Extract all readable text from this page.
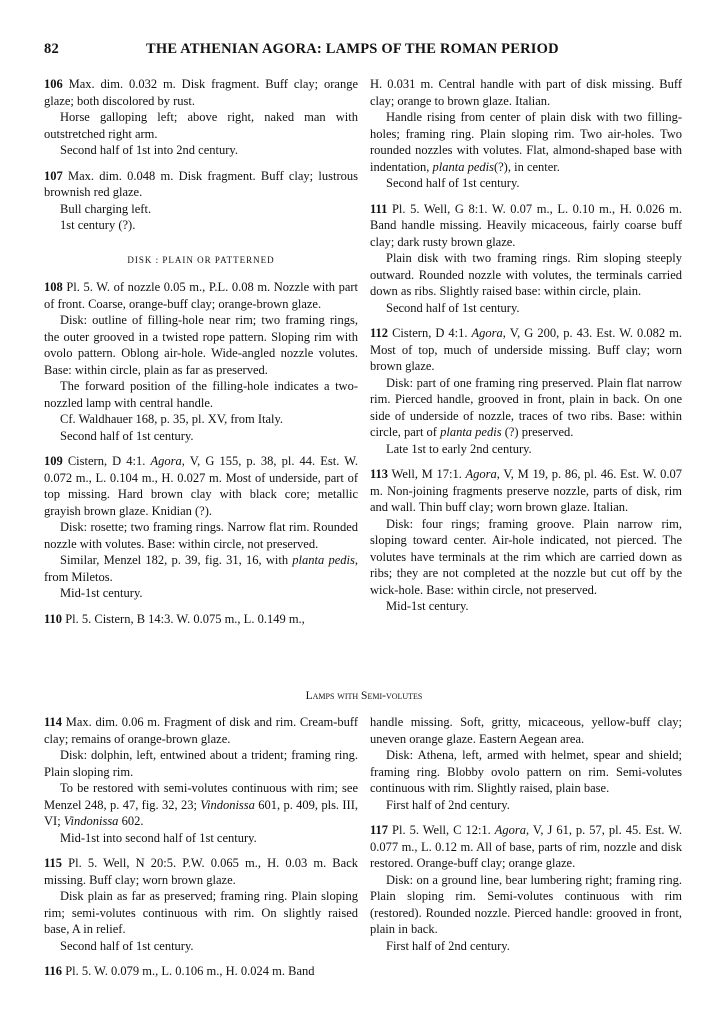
82	THE ATHENIAN AGORA: LAMPS OF THE ROMAN PERIOD

106 Max. dim. 0.032 m. Disk fragment. Buff clay; orange glaze; both discolored by rust.

Horse galloping left; above right, naked man with outstretched right arm.

Second half of 1st into 2nd century.

107 Max. dim. 0.048 m. Disk fragment. Buff clay; lustrous brownish red glaze.

Bull charging left.

1st century (?).

DISK : PLAIN OR PATTERNED

108 Pl. 5. W. of nozzle 0.05 m., P.L. 0.08 m. Nozzle with part of front. Coarse, orange-buff clay; orange-brown glaze.

Disk: outline of filling-hole near rim; two framing rings, the outer grooved in a twisted rope pattern. Sloping rim with ovolo pattern. Oblong air-hole. Wide-angled nozzle volutes. Base: within circle, plain as far as preserved.

The forward position of the filling-hole indicates a two-nozzled lamp with central handle.

Cf. Waldhauer 168, p. 35, pl. XV, from Italy.

Second half of 1st century.

109 Cistern, D 4:1. Agora, V, G 155, p. 38, pl. 44. Est. W. 0.072 m., L. 0.104 m., H. 0.027 m. Most of underside, part of top missing. Hard brown clay with black core; metallic grayish brown glaze. Knidian (?).

Disk: rosette; two framing rings. Narrow flat rim. Rounded nozzle with volutes. Base: within circle, not preserved.

Similar, Menzel 182, p. 39, fig. 31, 16, with planta pedis, from Miletos.

Mid-1st century.

110 Pl. 5. Cistern, B 14:3. W. 0.075 m., L. 0.149 m.,

H. 0.031 m. Central handle with part of disk missing. Buff clay; orange to brown glaze. Italian.

Handle rising from center of plain disk with two filling-holes; framing ring. Plain sloping rim. Two air-holes. Two rounded nozzles with volutes. Flat, almond-shaped base with indentation, planta pedis(?), in center.

Second half of 1st century.

111 Pl. 5. Well, G 8:1. W. 0.07 m., L. 0.10 m., H. 0.026 m. Band handle missing. Heavily micaceous, fairly coarse buff clay; dark rusty brown glaze.

Plain disk with two framing rings. Rim sloping steeply outward. Rounded nozzle with volutes, the terminals carried down as ribs. Slightly raised base: within circle, plain.

Second half of 1st century.

112 Cistern, D 4:1. Agora, V, G 200, p. 43. Est. W. 0.082 m. Most of top, much of underside missing. Buff clay; worn brown glaze.

Disk: part of one framing ring preserved. Plain flat narrow rim. Pierced handle, grooved in front, plain in back. On one side of underside of nozzle, traces of two ribs. Base: within circle, part of planta pedis (?) preserved.

Late 1st to early 2nd century.

113 Well, M 17:1. Agora, V, M 19, p. 86, pl. 46. Est. W. 0.07 m. Non-joining fragments preserve nozzle, parts of disk, rim and wall. Thin buff clay; worn brown glaze. Italian.

Disk: four rings; framing groove. Plain narrow rim, sloping toward center. Air-hole indicated, not pierced. The volutes have terminals at the rim which are carried down as ribs; they are not completed at the nozzle but cut off by the wick-hole. Base: within circle, not preserved.

Mid-1st century.

Lamps with Semi-volutes

114 Max. dim. 0.06 m. Fragment of disk and rim. Cream-buff clay; remains of orange-brown glaze.

Disk: dolphin, left, entwined about a trident; framing ring. Plain sloping rim.

To be restored with semi-volutes continuous with rim; see Menzel 248, p. 47, fig. 32, 23; Vindonissa 601, p. 409, pls. III, VI; Vindonissa 602.

Mid-1st into second half of 1st century.

115 Pl. 5. Well, N 20:5. P.W. 0.065 m., H. 0.03 m. Back missing. Buff clay; worn brown glaze.

Disk plain as far as preserved; framing ring. Plain sloping rim; semi-volutes continuous with rim. On slightly raised base, A in relief.

Second half of 1st century.

116 Pl. 5. W. 0.079 m., L. 0.106 m., H. 0.024 m. Band

handle missing. Soft, gritty, micaceous, yellow-buff clay; uneven orange glaze. Eastern Aegean area.

Disk: Athena, left, armed with helmet, spear and shield; framing ring. Blobby ovolo pattern on rim. Semi-volutes continuous with rim. Slightly raised, plain base.

First half of 2nd century.

117 Pl. 5. Well, C 12:1. Agora, V, J 61, p. 57, pl. 45. Est. W. 0.077 m., L. 0.12 m. All of base, parts of rim, nozzle and disk restored. Orange-buff clay; orange glaze.

Disk: on a ground line, bear lumbering right; framing ring. Plain sloping rim. Semi-volutes continuous with rim (restored). Rounded nozzle. Pierced handle: grooved in front, plain in back.

First half of 2nd century.
